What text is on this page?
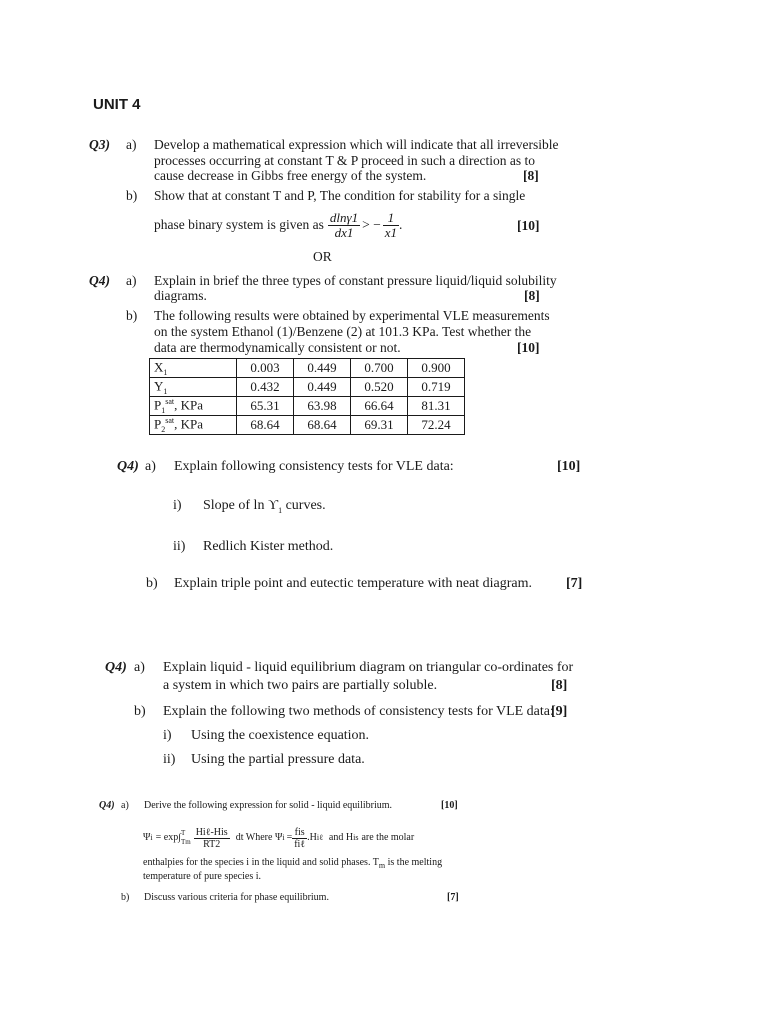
UNIT 4
Q3) a) Develop a mathematical expression which will indicate that all irreversible
processes occurring at constant T & P proceed in such a direction as to
cause decrease in Gibbs free energy of the system.	[8]
b) Show that at constant T and P, The condition for stability for a single
phase binary system is given as $\frac{dln\gamma 1}{dx1}$ > − $\frac{1}{x1}$ .	[10]
OR
Q4) a) Explain in brief the three types of constant pressure liquid/liquid solubility
diagrams.	[8]
b) The following results were obtained by experimental VLE measurements
on the system Ethanol (1)/Benzene (2) at 101.3 KPa. Test whether the
data are thermodynamically consistent or not.	[10]
$X_1$	0.003	0.449	0.700	0.900
$Y_1$	0.432	0.449	0.520	0.719
$P_1^{sat}$, KPa	65.31	63.98	66.64	81.31
$P_2^{sat}$, KPa	68.64	68.64	69.31	72.24
Q4) a) Explain following consistency tests for VLE data:	[10]
i) Slope of $\ln ϒ_1$ curves.
ii) Redlich Kister method.
b) Explain triple point and eutectic temperature with neat diagram. [7]
Q4) a) Explain liquid - liquid equilibrium diagram on triangular co-ordinates for
a system in which two pairs are partially soluble.	[8]
b) Explain the following two methods of consistency tests for VLE data:
[9]
i) Using the coexistence equation.
ii) Using the partial pressure data.
Q4) a) Derive the following expression for solid - liquid equilibrium.	[10]
Ψ i = exp∫ T
Tm $\frac{\text{Hiℓ-His}}{RT2}$ dt Where Ψ $i = \frac{\text{fis}}{\text{fiℓ}} .H$ i ℓ and H i s are the molar
enthalpies for the species i in the liquid and solid phases. $T_m$ is the melting
temperature of pure species i.
b) Discuss various criteria for phase equilibrium.	[7]
